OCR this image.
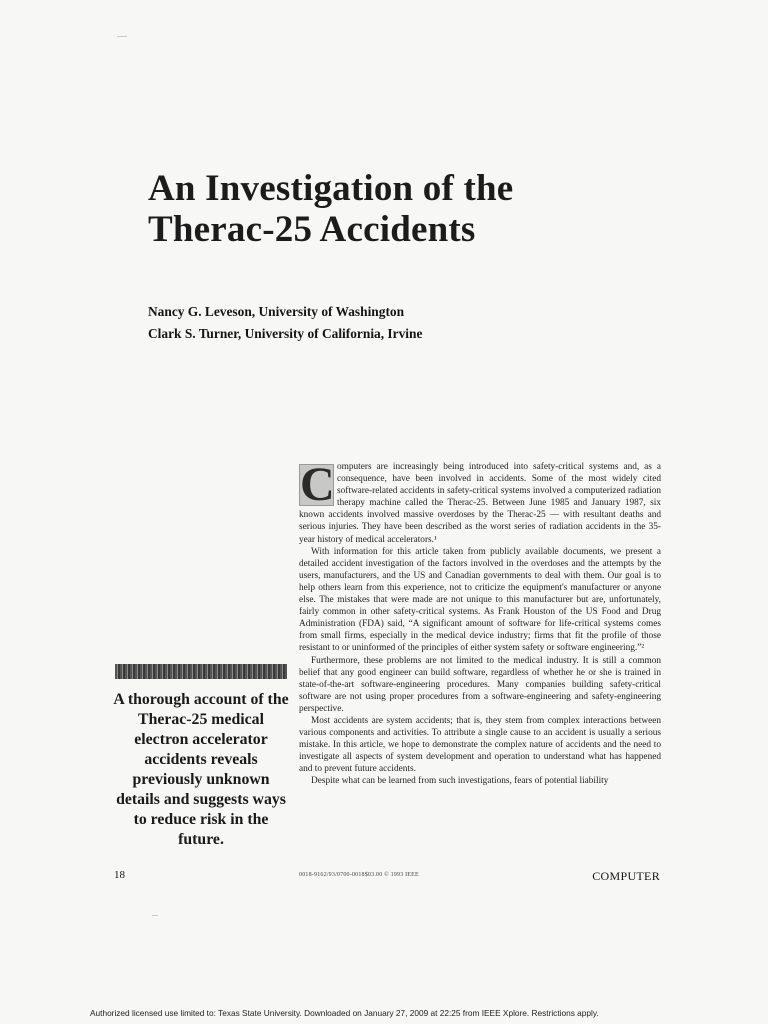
An Investigation of the
Therac-25 Accidents
Nancy G. Leveson, University of Washington
Clark S. Turner, University of California, Irvine

omputers are increasingly being introduced into safety-critical systems and, as a consequence, have been involved in accidents. Some of the most widely cited software-related accidents in safety-critical systems involved a computerized radiation therapy machine called the Therac-25. Between June 1985 and January 1987, six known accidents involved massive overdoses by the Therac-25 — with resultant deaths and serious injuries. They have been described as the worst series of radiation accidents in the 35-year history of medical accelerators.¹

With information for this article taken from publicly available documents, we present a detailed accident investigation of the factors involved in the overdoses and the attempts by the users, manufacturers, and the US and Canadian governments to deal with them. Our goal is to help others learn from this experience, not to criticize the equipment's manufacturer or anyone else. The mistakes that were made are not unique to this manufacturer but are, unfortunately, fairly common in other safety-critical systems. As Frank Houston of the US Food and Drug Administration (FDA) said, “A significant amount of software for life-critical systems comes from small firms, especially in the medical device industry; firms that fit the profile of those resistant to or uninformed of the principles of either system safety or software engineering.”²

Furthermore, these problems are not limited to the medical industry. It is still a common belief that any good engineer can build software, regardless of whether he or she is trained in state-of-the-art software-engineering procedures. Many companies building safety-critical software are not using proper procedures from a software-engineering and safety-engineering perspective.

Most accidents are system accidents; that is, they stem from complex interactions between various components and activities. To attribute a single cause to an accident is usually a serious mistake. In this article, we hope to demonstrate the complex nature of accidents and the need to investigate all aspects of system development and operation to understand what has happened and to prevent future accidents.

Despite what can be learned from such investigations, fears of potential liability

C
A thorough account of the Therac-25 medical electron accelerator accidents reveals previously unknown details and suggests ways to reduce risk in the future.
18	0018-9162/93/0700-0018$03.00 © 1993 IEEE	COMPUTER
Authorized licensed use limited to: Texas State University. Downloaded on January 27, 2009 at 22:25 from IEEE Xplore. Restrictions apply.
